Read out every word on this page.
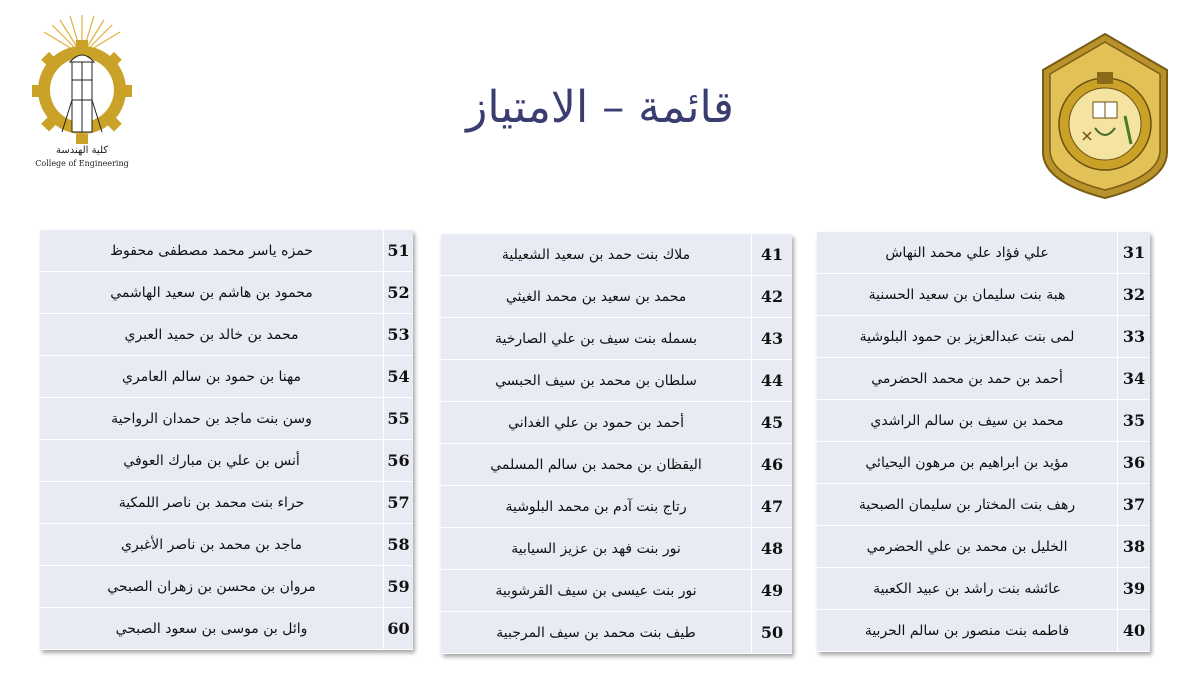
كلية الهندسة
College of Engineering
قائمة – الامتياز
حمزه ياسر محمد مصطفى محفوظ	51
محمود بن هاشم بن سعيد الهاشمي	52
محمد بن خالد بن حميد العبري	53
مهنا بن حمود بن سالم العامري	54
وسن بنت ماجد بن حمدان الرواحية	55
أنس بن علي بن مبارك العوفي	56
حراء بنت محمد بن ناصر اللمكية	57
ماجد بن محمد بن ناصر الأغبري	58
مروان بن محسن بن زهران الصبحي	59
وائل بن موسى بن سعود الصبحي	60
ملاك بنت حمد بن سعيد الشعيلية	41
محمد بن سعيد بن محمد الغيثي	42
بسمله بنت سيف بن علي الصارخية	43
سلطان بن محمد بن سيف الحبسي	44
أحمد بن حمود بن علي الغداني	45
اليقظان بن محمد بن سالم المسلمي	46
رتاج بنت آدم بن محمد البلوشية	47
نور بنت فهد بن عزيز السيابية	48
نور بنت عيسى بن سيف القرشوبية	49
طيف بنت محمد بن سيف المرجبية	50
علي فؤاد علي محمد النهاش	31
هبة بنت سليمان بن سعيد الحسنية	32
لمى بنت عبدالعزيز بن حمود البلوشية	33
أحمد بن حمد بن محمد الحضرمي	34
محمد بن سيف بن سالم الراشدي	35
مؤيد بن ابراهيم بن مرهون اليحيائي	36
رهف بنت المختار بن سليمان الصبحية	37
الخليل بن محمد بن علي الحضرمي	38
عائشه بنت راشد بن عبيد الكعبية	39
فاطمه بنت منصور بن سالم الحربية	40
